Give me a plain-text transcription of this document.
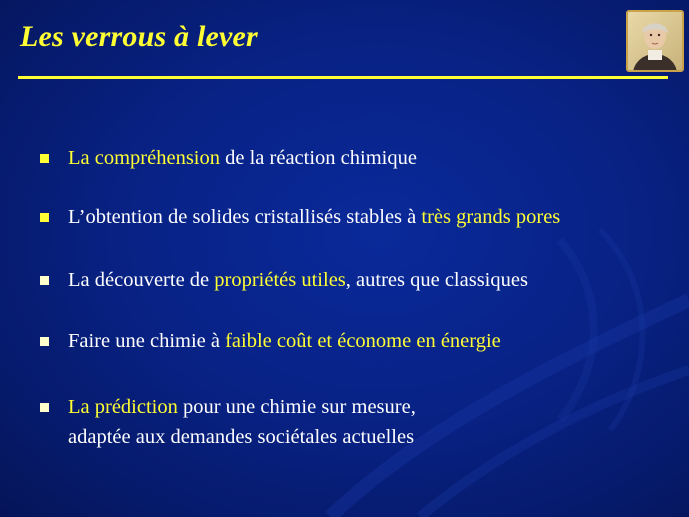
Les verrous à lever
La compréhension de la réaction chimique
L’obtention de solides cristallisés stables à très grands pores
La découverte de propriétés utiles, autres que classiques
Faire une chimie à faible coût et économe en énergie
La prédiction pour une chimie sur mesure,
adaptée aux demandes sociétales actuelles
